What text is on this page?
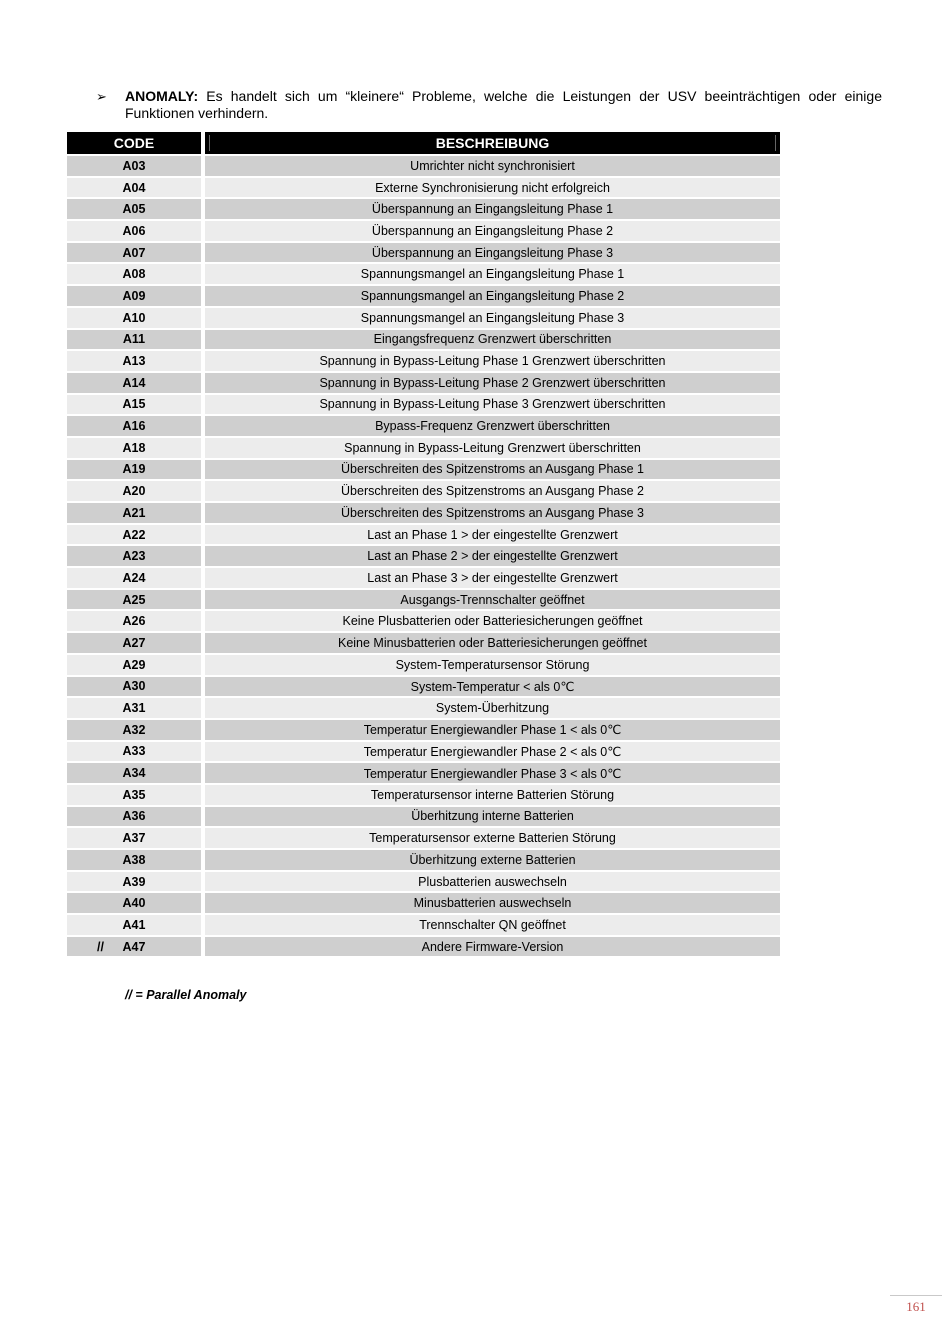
➢ ANOMALY: Es handelt sich um “kleinere“ Probleme, welche die Leistungen der USV beeinträchtigen oder einige Funktionen verhindern.
CODE	BESCHREIBUNG
A03	Umrichter nicht synchronisiert
A04	Externe Synchronisierung nicht erfolgreich
A05	Überspannung an Eingangsleitung Phase 1
A06	Überspannung an Eingangsleitung Phase 2
A07	Überspannung an Eingangsleitung Phase 3
A08	Spannungsmangel an Eingangsleitung Phase 1
A09	Spannungsmangel an Eingangsleitung Phase 2
A10	Spannungsmangel an Eingangsleitung Phase 3
A11	Eingangsfrequenz Grenzwert überschritten
A13	Spannung in Bypass-Leitung Phase 1 Grenzwert überschritten
A14	Spannung in Bypass-Leitung Phase 2 Grenzwert überschritten
A15	Spannung in Bypass-Leitung Phase 3 Grenzwert überschritten
A16	Bypass-Frequenz Grenzwert überschritten
A18	Spannung in Bypass-Leitung Grenzwert überschritten
A19	Überschreiten des Spitzenstroms an Ausgang Phase 1
A20	Überschreiten des Spitzenstroms an Ausgang Phase 2
A21	Überschreiten des Spitzenstroms an Ausgang Phase 3
A22	Last an Phase 1 > der eingestellte Grenzwert
A23	Last an Phase 2 > der eingestellte Grenzwert
A24	Last an Phase 3 > der eingestellte Grenzwert
A25	Ausgangs-Trennschalter geöffnet
A26	Keine Plusbatterien oder Batteriesicherungen geöffnet
A27	Keine Minusbatterien oder Batteriesicherungen geöffnet
A29	System-Temperatursensor Störung
A30	System-Temperatur < als 0℃
A31	System-Überhitzung
A32	Temperatur Energiewandler Phase 1 < als 0℃
A33	Temperatur Energiewandler Phase 2 < als 0℃
A34	Temperatur Energiewandler Phase 3 < als 0℃
A35	Temperatursensor interne Batterien Störung
A36	Überhitzung interne Batterien
A37	Temperatursensor externe Batterien Störung
A38	Überhitzung externe Batterien
A39	Plusbatterien auswechseln
A40	Minusbatterien auswechseln
A41	Trennschalter QN geöffnet
// A47	Andere Firmware-Version
// = Parallel Anomaly
161
